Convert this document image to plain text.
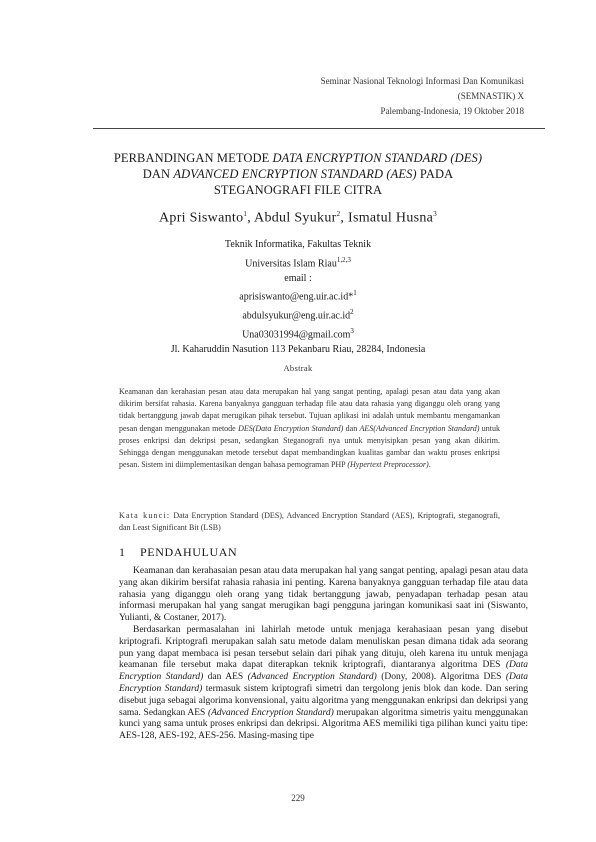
Seminar Nasional Teknologi Informasi Dan Komunikasi
(SEMNASTIK) X
Palembang-Indonesia, 19 Oktober 2018
PERBANDINGAN METODE DATA ENCRYPTION STANDARD (DES)
DAN ADVANCED ENCRYPTION STANDARD (AES) PADA
STEGANOGRAFI FILE CITRA
Apri Siswanto$^1$, Abdul Syukur$^2$, Ismatul Husna$^3$
Teknik Informatika, Fakultas Teknik
Universitas Islam Riau$^{1,2,3}$
email :
aprisiswanto@eng.uir.ac.id*$^1$
$abdulsyukur@eng.uir.ac.id^2$
Una03031994@gmail.com$^3$
Jl. Kaharuddin Nasution 113 Pekanbaru Riau, 28284, Indonesia
Abstrak
Keamanan dan kerahasian pesan atau data merupakan hal yang sangat penting, apalagi pesan atau data yang akan dikirim bersifat rahasia. Karena banyaknya gangguan terhadap file atau data rahasia yang diganggu oleh orang yang tidak bertanggung jawab dapat merugikan pihak tersebut. Tujuan aplikasi ini adalah untuk membantu mengamankan pesan dengan menggunakan metode DES(Data Encryption Standard) dan AES(Advanced Encryption Standard) untuk proses enkripsi dan dekripsi pesan, sedangkan Steganografi nya untuk menyisipkan pesan yang akan dikirim. Sehingga dengan menggunakan metode tersebut dapat membandingkan kualitas gambar dan waktu proses enkripsi pesan. Sistem ini diimplementasikan dengan bahasa pemograman PHP (Hypertext Preprocessor).
Kata kunci: Data Encryption Standard (DES), Advanced Encryption Standard (AES), Kriptografi, steganografi, dan Least Significant Bit (LSB)
1 PENDAHULUAN

Keamanan dan kerahasaian pesan atau data merupakan hal yang sangat penting, apalagi pesan atau data yang akan dikirim bersifat rahasia rahasia ini penting. Karena banyaknya gangguan terhadap file atau data rahasia yang diganggu oleh orang yang tidak bertanggung jawab, penyadapan terhadap pesan atau informasi merupakan hal yang sangat merugikan bagi pengguna jaringan komunikasi saat ini (Siswanto, Yulianti, & Costaner, 2017).

Berdasarkan permasalahan ini lahirlah metode untuk menjaga kerahasiaan pesan yang disebut kriptografi. Kriptografi merupakan salah satu metode dalam menuliskan pesan dimana tidak ada seorang pun yang dapat membaca isi pesan tersebut selain dari pihak yang dituju, oleh karena itu untuk menjaga keamanan file tersebut maka dapat diterapkan teknik kriptografi, diantaranya algoritma DES (Data Encryption Standard) dan AES (Advanced Encryption Standard) (Dony, 2008). Algoritma DES (Data Encryption Standard) termasuk sistem kriptografi simetri dan tergolong jenis blok dan kode. Dan sering disebut juga sebagai algorima konvensional, yaitu algoritma yang menggunakan enkripsi dan dekripsi yang sama. Sedangkan AES (Advanced Encryption Standard) merupakan algoritma simetris yaitu menggunakan kunci yang sama untuk proses enkripsi dan dekripsi. Algoritma AES memiliki tiga pilihan kunci yaitu tipe: AES-128, AES-192, AES-256. Masing-masing tipe

229
